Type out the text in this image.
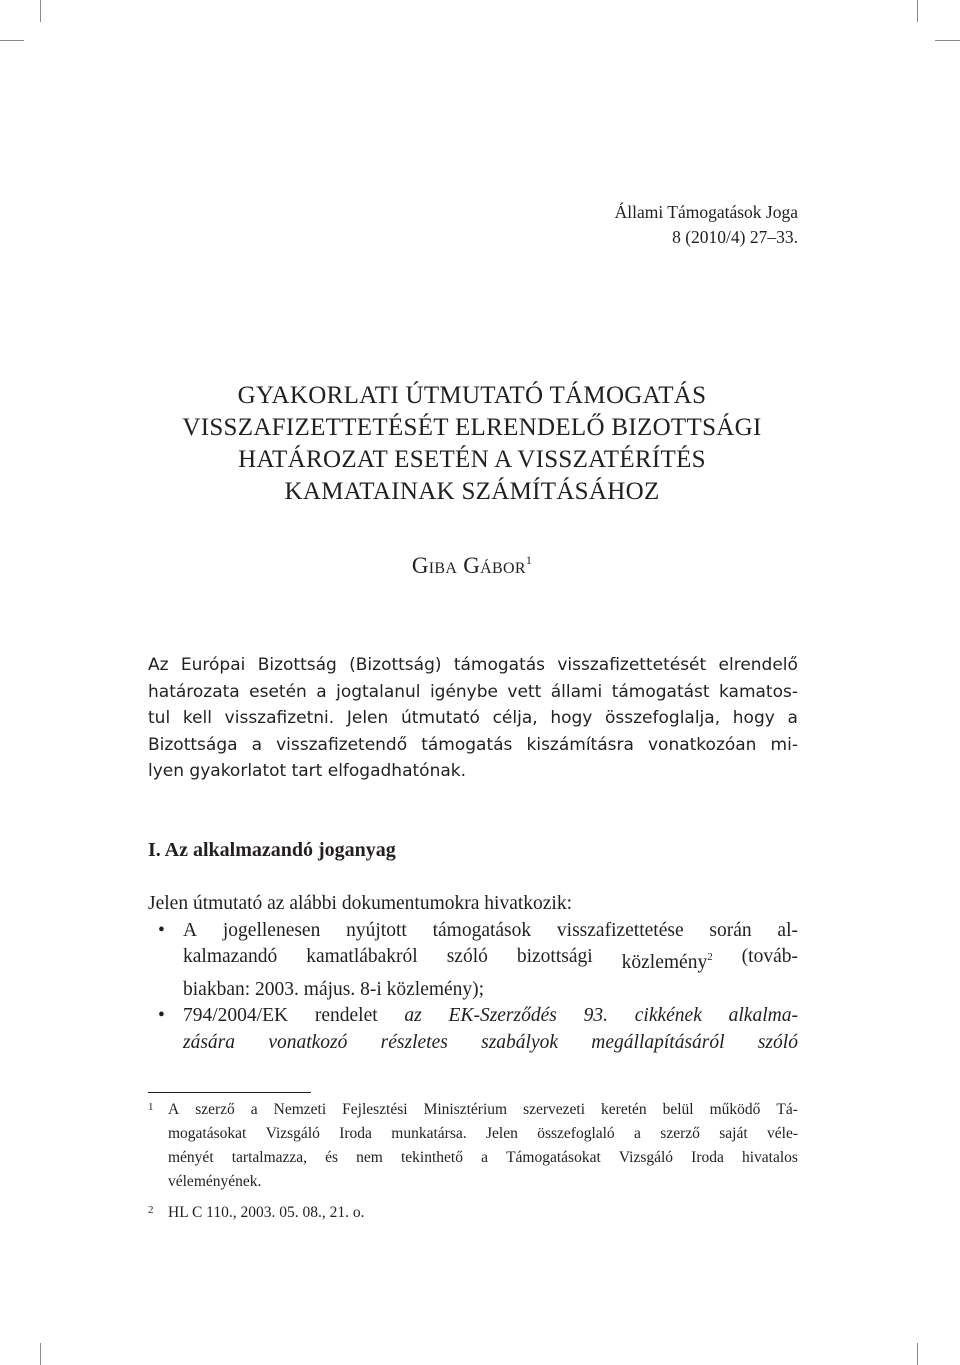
Állami Támogatások Joga
8 (2010/4) 27–33.
GYAKORLATI ÚTMUTATÓ TÁMOGATÁS
VISSZAFIZETTETÉSÉT ELRENDELŐ BIZOTTSÁGI
HATÁROZAT ESETÉN A VISSZATÉRÍTÉS
KAMATAINAK SZÁMÍTÁSÁHOZ
Giba Gábor$^1$
Az Európai Bizottság (Bizottság) támogatás visszafizettetését elrendelő
határozata esetén a jogtalanul igénybe vett állami támogatást kamatos-
tul kell visszafizetni. Jelen útmutató célja, hogy összefoglalja, hogy a
Bizottsága a visszafizetendő támogatás kiszámításra vonatkozóan mi-
lyen gyakorlatot tart elfogadhatónak.
I. Az alkalmazandó joganyag
Jelen útmutató az alábbi dokumentumokra hivatkozik:
• A jogellenesen nyújtott támogatások visszafizettetése során al-
kalmazandó kamatlábakról szóló bizottsági közlemény$^2$ (továb-
biakban: 2003. május. 8-i közlemény);
• 794/2004/EK rendelet az EK-Szerződés 93. cikkének alkalma-
zására vonatkozó részletes szabályok megállapításáról szóló
1 A szerző a Nemzeti Fejlesztési Minisztérium szervezeti keretén belül működő Tá-
mogatásokat Vizsgáló Iroda munkatársa. Jelen összefoglaló a szerző saját véle-
ményét tartalmazza, és nem tekinthető a Támogatásokat Vizsgáló Iroda hivatalos
véleményének.
2 HL C 110., 2003. 05. 08., 21. o.
